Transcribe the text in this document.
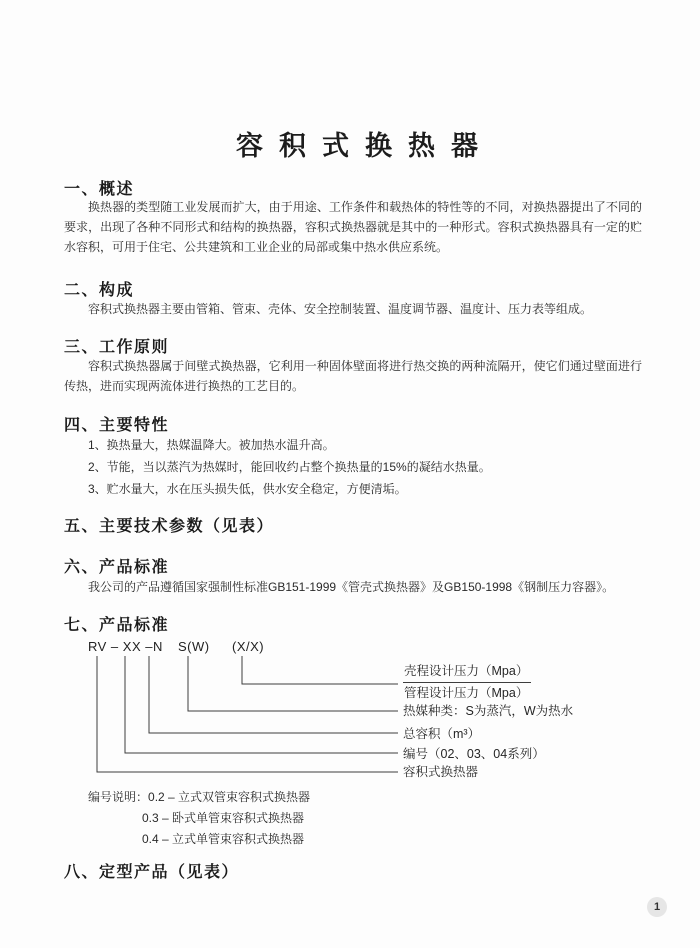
容积式换热器
一、概述

换热器的类型随工业发展而扩大，由于用途、工作条件和载热体的特性等的不同，对换热器提出了不同的要求，出现了各种不同形式和结构的换热器，容积式换热器就是其中的一种形式。容积式换热器具有一定的贮水容积，可用于住宅、公共建筑和工业企业的局部或集中热水供应系统。

二、构成

容积式换热器主要由管箱、管束、壳体、安全控制装置、温度调节器、温度计、压力表等组成。

三、工作原则

容积式换热器属于间壁式换热器，它利用一种固体壁面将进行热交换的两种流隔开，使它们通过壁面进行传热，进而实现两流体进行换热的工艺目的。

四、主要特性

1、换热量大，热媒温降大。被加热水温升高。

2、节能，当以蒸汽为热媒时，能回收约占整个换热量的15%的凝结水热量。

3、贮水量大，水在压头损失低，供水安全稳定，方便清垢。

五、主要技术参数（见表）
六、产品标准

我公司的产品遵循国家强制性标准GB151-1999《管壳式换热器》及GB150-1998《钢制压力容器》。

七、产品标准
RV – XX –N S(W) (X/X)
壳程设计压力（Mpa）
管程设计压力（Mpa）
热媒种类：S为蒸汽，W为热水
总容积（m³）
编号（02、03、04系列）
容积式换热器
编号说明：0.2 – 立式双管束容积式换热器
0.3 – 卧式单管束容积式换热器
0.4 – 立式单管束容积式换热器
八、定型产品（见表）
1
